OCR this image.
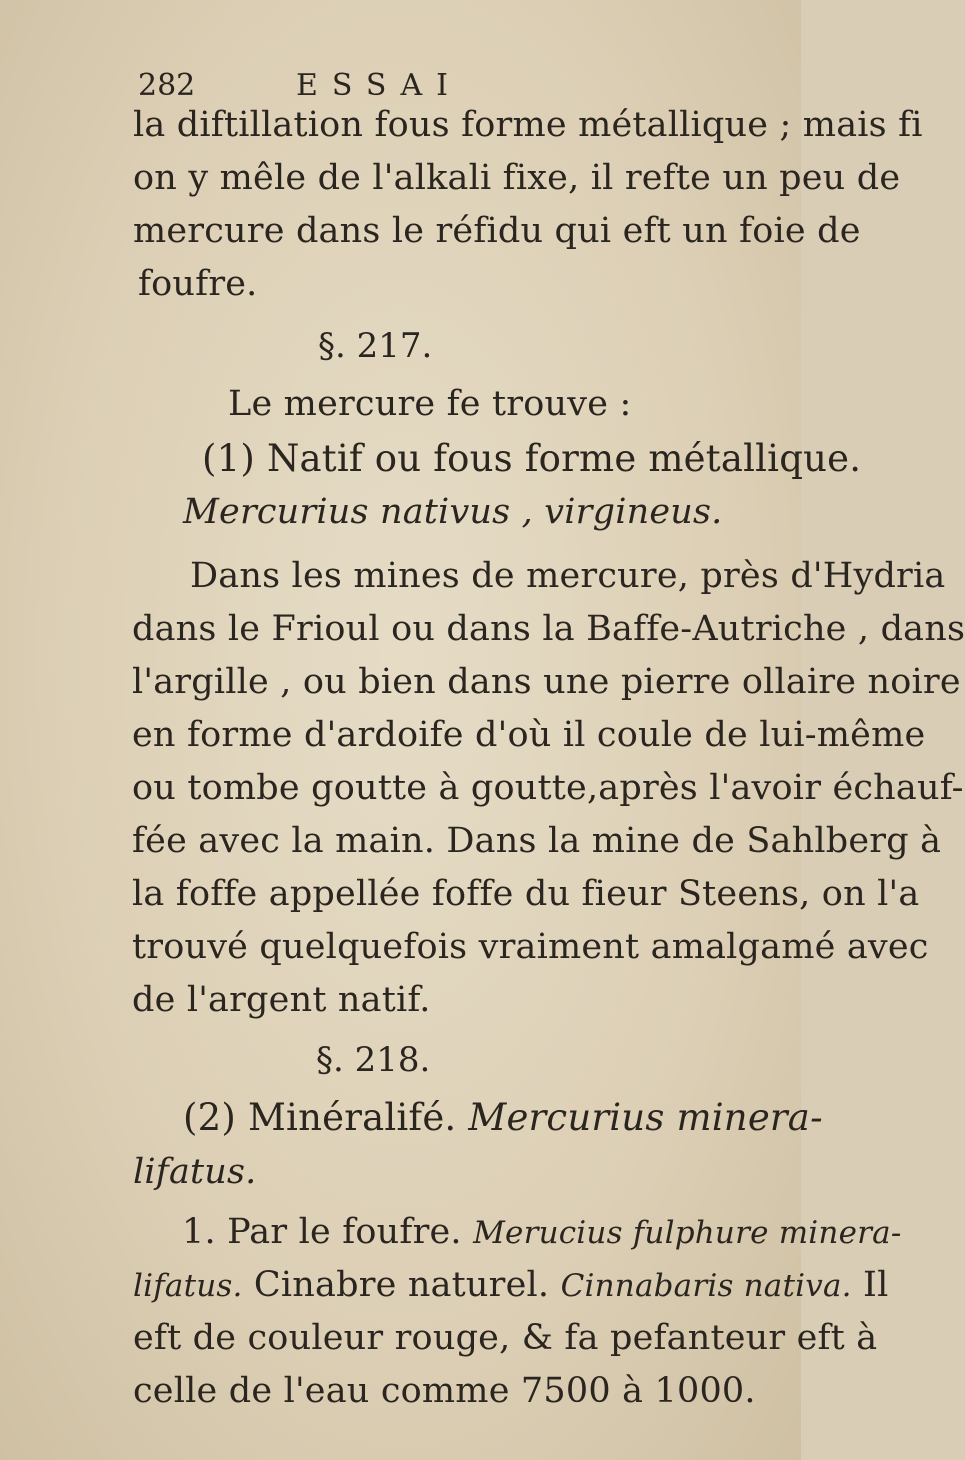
282	ESSAI
la diftillation fous forme métallique ; mais fi
on y mêle de l'alkali fixe, il refte un peu de
mercure dans le réfidu qui eft un foie de
foufre.
§. 217.
Le mercure fe trouve :
(1) Natif ou fous forme métallique.
Mercurius nativus , virgineus.
Dans les mines de mercure, près d'Hydria
dans le Frioul ou dans la Baffe-Autriche , dans
l'argille , ou bien dans une pierre ollaire noire
en forme d'ardoife d'où il coule de lui-même
ou tombe goutte à goutte,après l'avoir échauf-
fée avec la main. Dans la mine de Sahlberg à
la foffe appellée foffe du fieur Steens, on l'a
trouvé quelquefois vraiment amalgamé avec
de l'argent natif.
§. 218.
(2) Minéralifé. Mercurius minera-
lifatus.
1. Par le foufre. Merucius fulphure minera-
lifatus. Cinabre naturel. Cinnabaris nativa. Il
eft de couleur rouge, & fa pefanteur eft à
celle de l'eau comme 7500 à 1000.
